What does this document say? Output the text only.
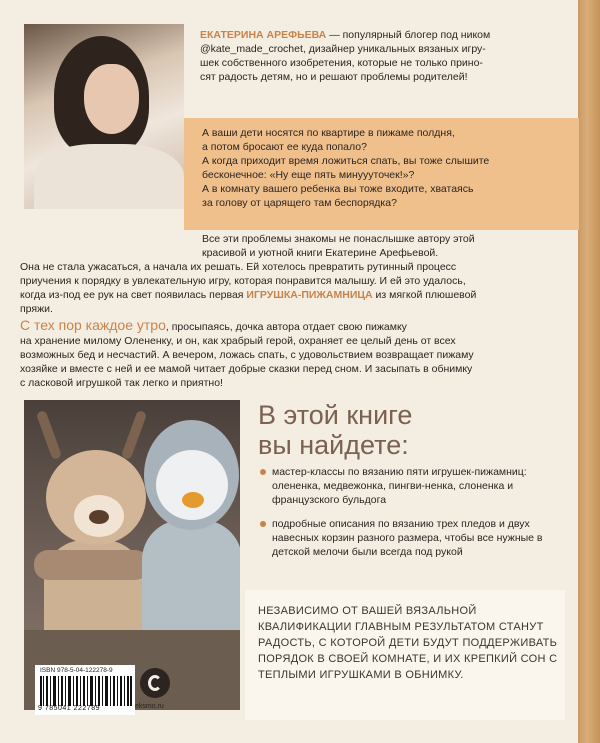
ЕКАТЕРИНА АРЕФЬЕВА — популярный блогер под ником
@kate_made_crochet, дизайнер уникальных вязаных игру-
шек собственного изобретения, которые не только прино-
сят радость детям, но и решают проблемы родителей!
А ваши дети носятся по квартире в пижаме полдня,
а потом бросают ее куда попало?
А когда приходит время ложиться спать, вы тоже слышите
бесконечное: «Ну еще пять минуууточек!»?
А в комнату вашего ребенка вы тоже входите, хватаясь
за голову от царящего там беспорядка?
Все эти проблемы знакомы не понаслышке автору этой
красивой и уютной книги Екатерине Арефьевой.
Она не стала ужасаться, а начала их решать. Ей хотелось превратить рутинный процесс
приучения к порядку в увлекательную игру, которая понравится малышу. И ей это удалось,
когда из-под ее рук на свет появилась первая ИГРУШКА-ПИЖАМНИЦА из мягкой плюшевой
пряжи.
С тех пор каждое утро, просыпаясь, дочка автора отдает свою пижамку
на хранение милому Олененку, и он, как храбрый герой, охраняет ее целый день от всех
возможных бед и несчастий. А вечером, ложась спать, с удовольствием возвращает пижаму
хозяйке и вместе с ней и ее мамой читает добрые сказки перед сном. И засыпать в обнимку
с ласковой игрушкой так легко и приятно!
В этой книге
вы найдете:
мастер-классы по вязанию пяти игрушек-пижамниц: олененка, медвежонка, пингви-ненка, слоненка и французского бульдога
подробные описания по вязанию трех пледов и двух навесных корзин разного размера, чтобы все нужные в детской мелочи были всегда под рукой
НЕЗАВИСИМО ОТ ВАШЕЙ ВЯЗАЛЬНОЙ КВАЛИФИКАЦИИ ГЛАВНЫМ РЕЗУЛЬТАТОМ СТАНУТ РАДОСТЬ, С КОТОРОЙ ДЕТИ БУДУТ ПОДДЕРЖИВАТЬ ПОРЯДОК В СВОЕЙ КОМНАТЕ, И ИХ КРЕПКИЙ СОН С ТЕПЛЫМИ ИГРУШКАМИ В ОБНИМКУ.
ISBN 978-5-04-122278-9
9 785041 222789	eksmo.ru
